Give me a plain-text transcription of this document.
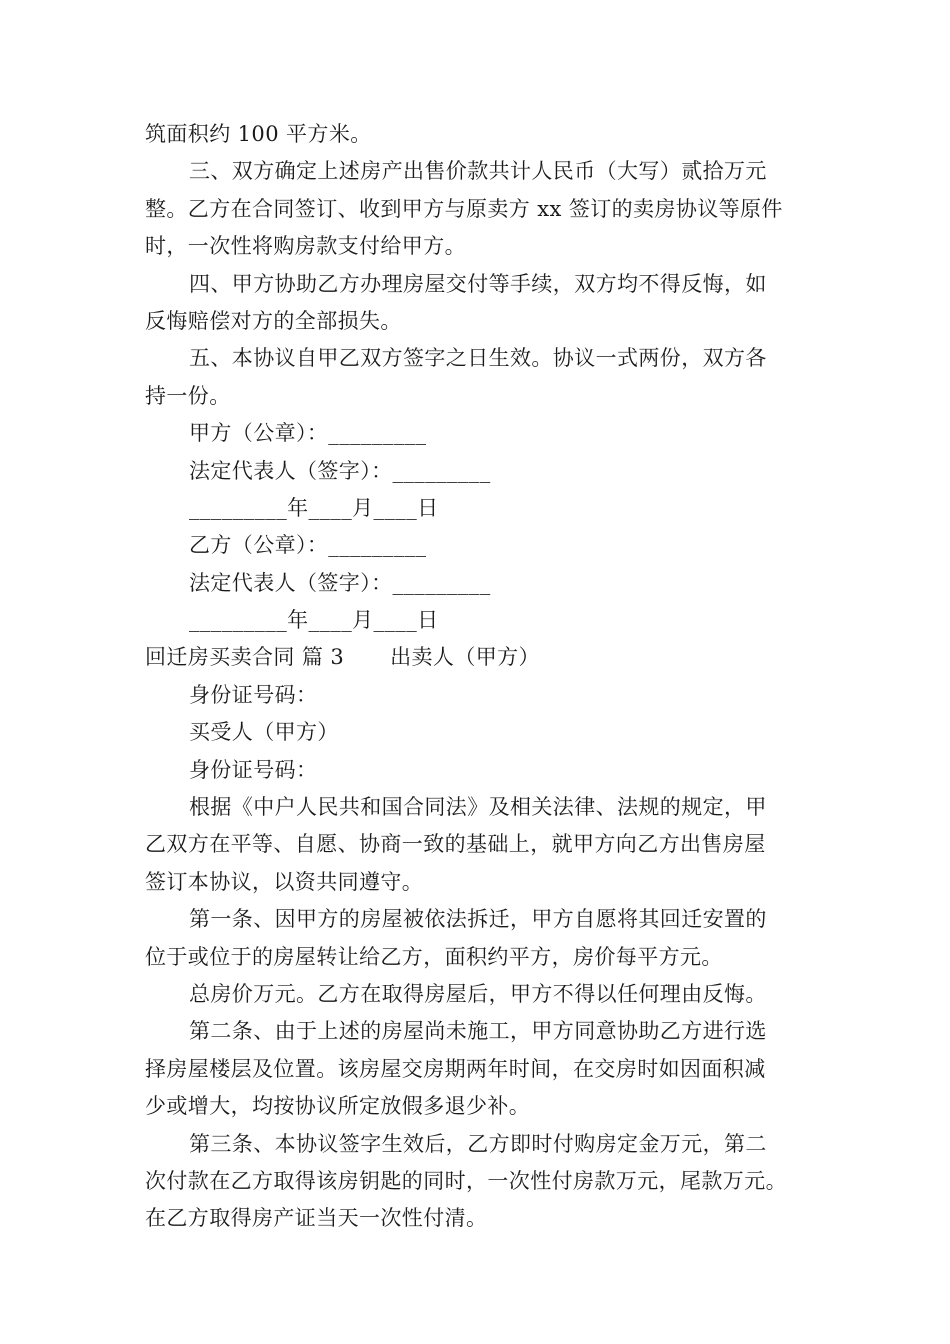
筑面积约 100 平方米。
三、双方确定上述房产出售价款共计人民币（大写）贰拾万元
整。乙方在合同签订、收到甲方与原卖方 xx 签订的卖房协议等原件
时，一次性将购房款支付给甲方。
四、甲方协助乙方办理房屋交付等手续，双方均不得反悔，如
反悔赔偿对方的全部损失。
五、本协议自甲乙双方签字之日生效。协议一式两份，双方各
持一份。
甲方（公章）：_________
法定代表人（签字）：_________
_________年____月____日
乙方（公章）：_________
法定代表人（签字）：_________
_________年____月____日
回迁房买卖合同 篇 3 出卖人（甲方）
身份证号码：
买受人（甲方）
身份证号码：
根据《中户人民共和国合同法》及相关法律、法规的规定，甲
乙双方在平等、自愿、协商一致的基础上，就甲方向乙方出售房屋
签订本协议，以资共同遵守。
第一条、因甲方的房屋被依法拆迁，甲方自愿将其回迁安置的
位于或位于的房屋转让给乙方，面积约平方，房价每平方元。
总房价万元。乙方在取得房屋后，甲方不得以任何理由反悔。
第二条、由于上述的房屋尚未施工，甲方同意协助乙方进行选
择房屋楼层及位置。该房屋交房期两年时间，在交房时如因面积减
少或增大，均按协议所定放假多退少补。
第三条、本协议签字生效后，乙方即时付购房定金万元，第二
次付款在乙方取得该房钥匙的同时，一次性付房款万元，尾款万元。
在乙方取得房产证当天一次性付清。
